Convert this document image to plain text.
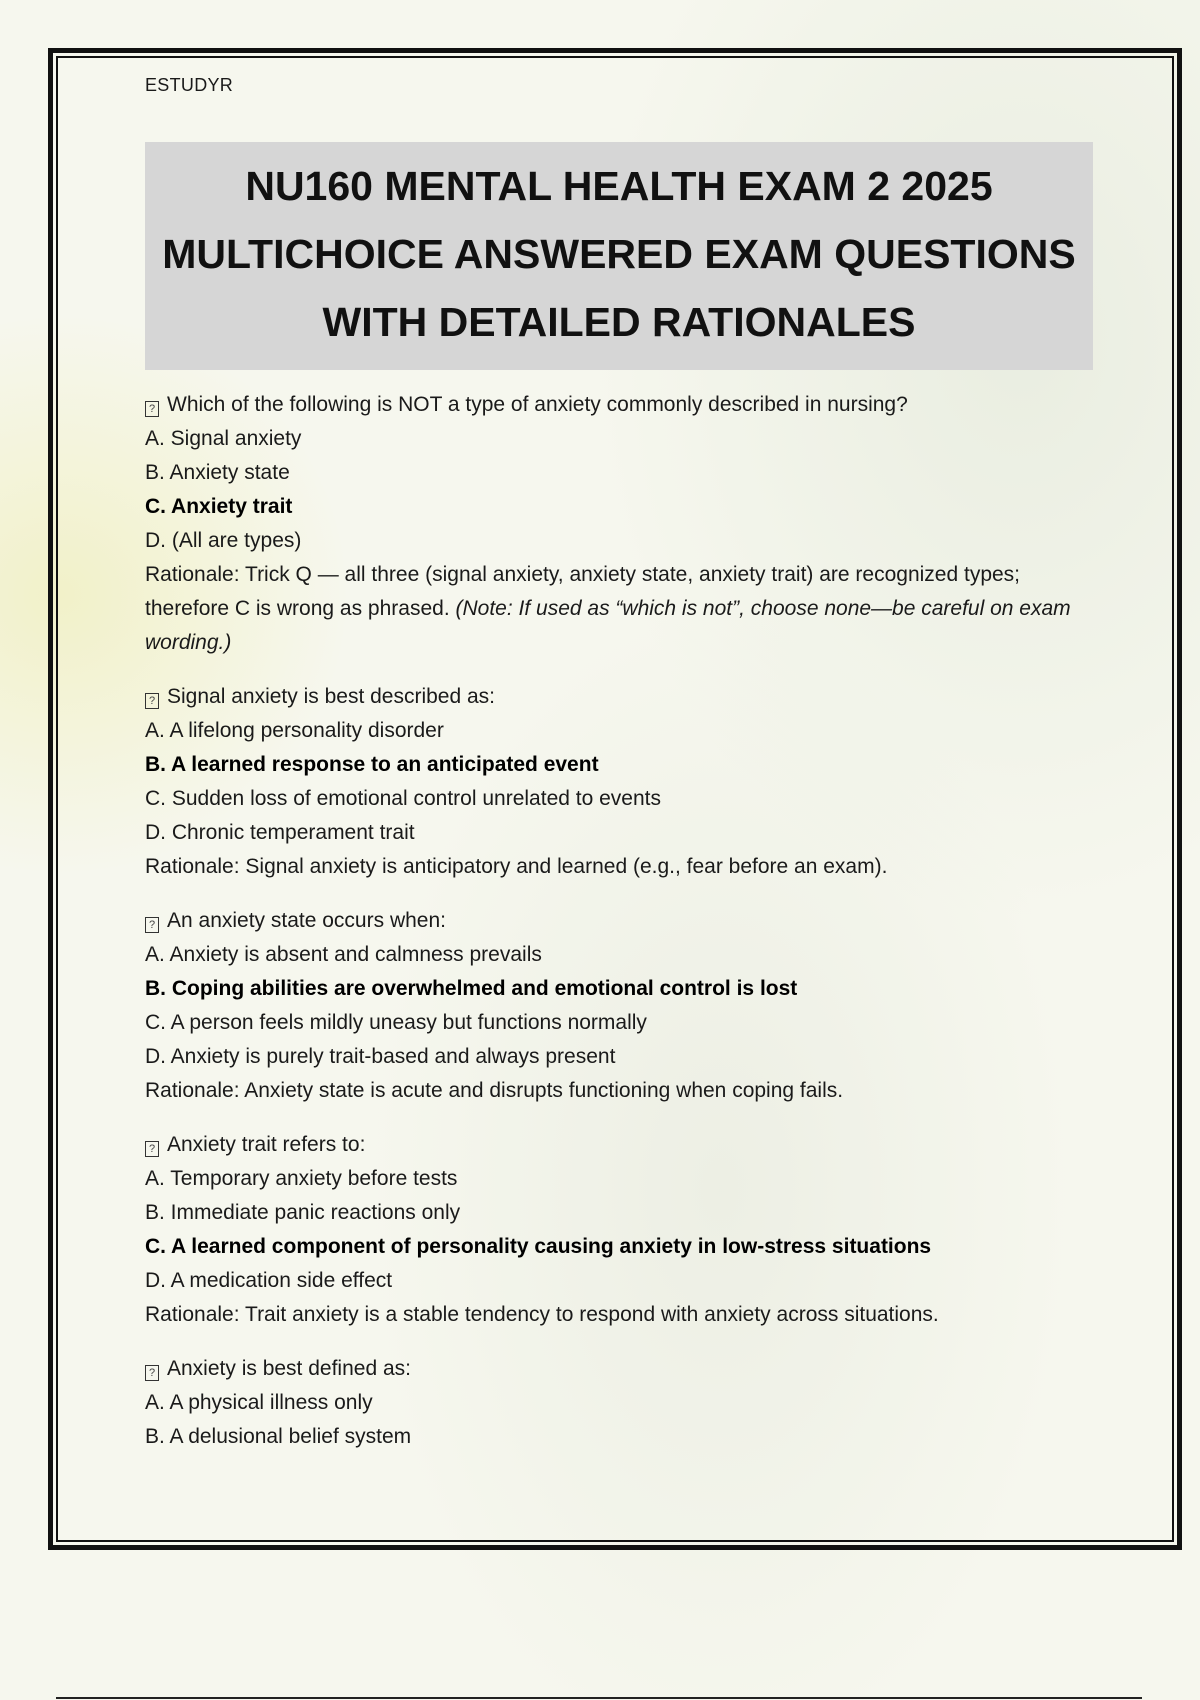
ESTUDYR

NU160 MENTAL HEALTH EXAM 2 2025
MULTICHOICE ANSWERED EXAM QUESTIONS
WITH DETAILED RATIONALES
? Which of the following is NOT a type of anxiety commonly described in nursing?
A. Signal anxiety
B. Anxiety state
C. Anxiety trait
D. (All are types)
Rationale: Trick Q — all three (signal anxiety, anxiety state, anxiety trait) are recognized types; therefore C is wrong as phrased. (Note: If used as “which is not”, choose none—be careful on exam wording.)
? Signal anxiety is best described as:
A. A lifelong personality disorder
B. A learned response to an anticipated event
C. Sudden loss of emotional control unrelated to events
D. Chronic temperament trait
Rationale: Signal anxiety is anticipatory and learned (e.g., fear before an exam).
? An anxiety state occurs when:
A. Anxiety is absent and calmness prevails
B. Coping abilities are overwhelmed and emotional control is lost
C. A person feels mildly uneasy but functions normally
D. Anxiety is purely trait-based and always present
Rationale: Anxiety state is acute and disrupts functioning when coping fails.
? Anxiety trait refers to:
A. Temporary anxiety before tests
B. Immediate panic reactions only
C. A learned component of personality causing anxiety in low-stress situations
D. A medication side effect
Rationale: Trait anxiety is a stable tendency to respond with anxiety across situations.
? Anxiety is best defined as:
A. A physical illness only
B. A delusional belief system
